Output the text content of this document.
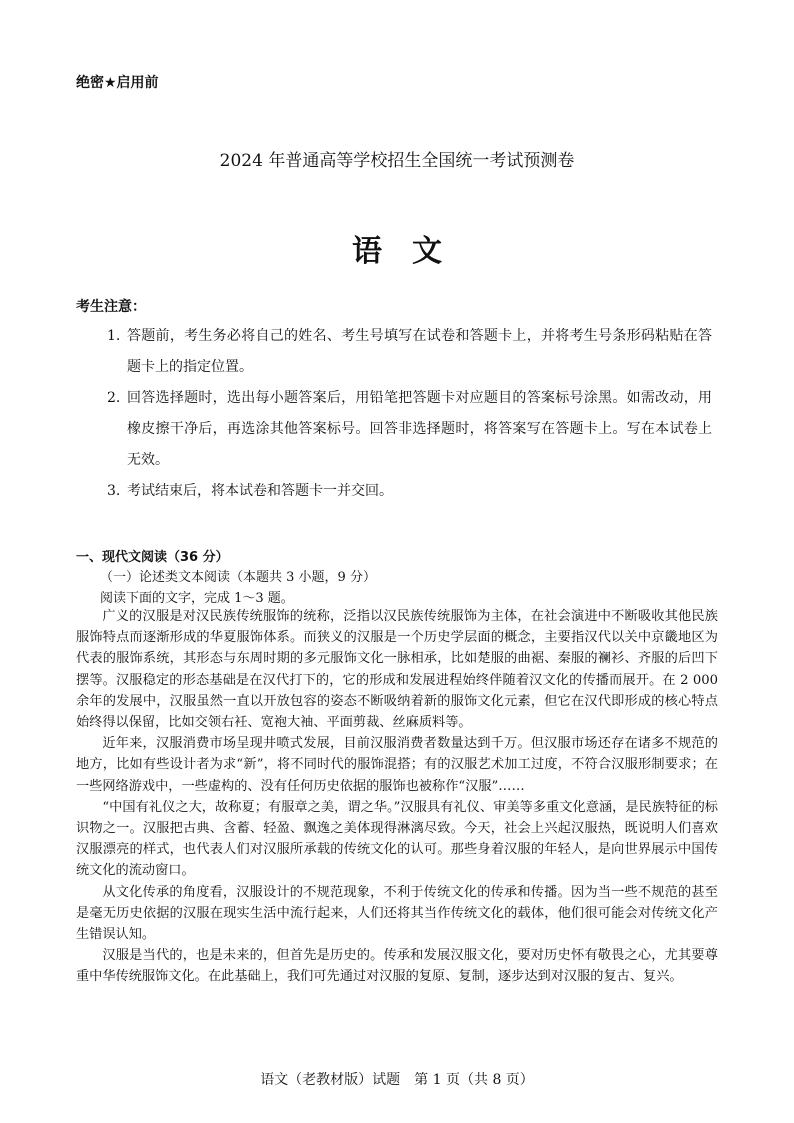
绝密★启用前
2024 年普通高等学校招生全国统一考试预测卷
语　文
考生注意：
1. 答题前，考生务必将自己的姓名、考生号填写在试卷和答题卡上，并将考生号条形码粘贴在答题卡上的指定位置。
2. 回答选择题时，选出每小题答案后，用铅笔把答题卡对应题目的答案标号涂黑。如需改动，用橡皮擦干净后，再选涂其他答案标号。回答非选择题时，将答案写在答题卡上。写在本试卷上无效。
3. 考试结束后，将本试卷和答题卡一并交回。
一、现代文阅读（36 分）
（一）论述类文本阅读（本题共 3 小题，9 分）
阅读下面的文字，完成 1～3 题。

广义的汉服是对汉民族传统服饰的统称，泛指以汉民族传统服饰为主体，在社会演进中不断吸收其他民族服饰特点而逐渐形成的华夏服饰体系。而狭义的汉服是一个历史学层面的概念，主要指汉代以关中京畿地区为代表的服饰系统，其形态与东周时期的多元服饰文化一脉相承，比如楚服的曲裾、秦服的襕衫、齐服的后凹下摆等。汉服稳定的形态基础是在汉代打下的，它的形成和发展进程始终伴随着汉文化的传播而展开。在 2 000 余年的发展中，汉服虽然一直以开放包容的姿态不断吸纳着新的服饰文化元素，但它在汉代即形成的核心特点始终得以保留，比如交领右衽、宽袍大袖、平面剪裁、丝麻质料等。

近年来，汉服消费市场呈现井喷式发展，目前汉服消费者数量达到千万。但汉服市场还存在诸多不规范的地方，比如有些设计者为求“新”，将不同时代的服饰混搭；有的汉服艺术加工过度，不符合汉服形制要求；在一些网络游戏中，一些虚构的、没有任何历史依据的服饰也被称作“汉服”……

“中国有礼仪之大，故称夏；有服章之美，谓之华。”汉服具有礼仪、审美等多重文化意涵，是民族特征的标识物之一。汉服把古典、含蓄、轻盈、飘逸之美体现得淋漓尽致。今天，社会上兴起汉服热，既说明人们喜欢汉服漂亮的样式，也代表人们对汉服所承载的传统文化的认可。那些身着汉服的年轻人，是向世界展示中国传统文化的流动窗口。

从文化传承的角度看，汉服设计的不规范现象，不利于传统文化的传承和传播。因为当一些不规范的甚至是毫无历史依据的汉服在现实生活中流行起来，人们还将其当作传统文化的载体，他们很可能会对传统文化产生错误认知。

汉服是当代的，也是未来的，但首先是历史的。传承和发展汉服文化，要对历史怀有敬畏之心，尤其要尊重中华传统服饰文化。在此基础上，我们可先通过对汉服的复原、复制，逐步达到对汉服的复古、复兴。

语文（老教材版）试题　第 1 页（共 8 页）
